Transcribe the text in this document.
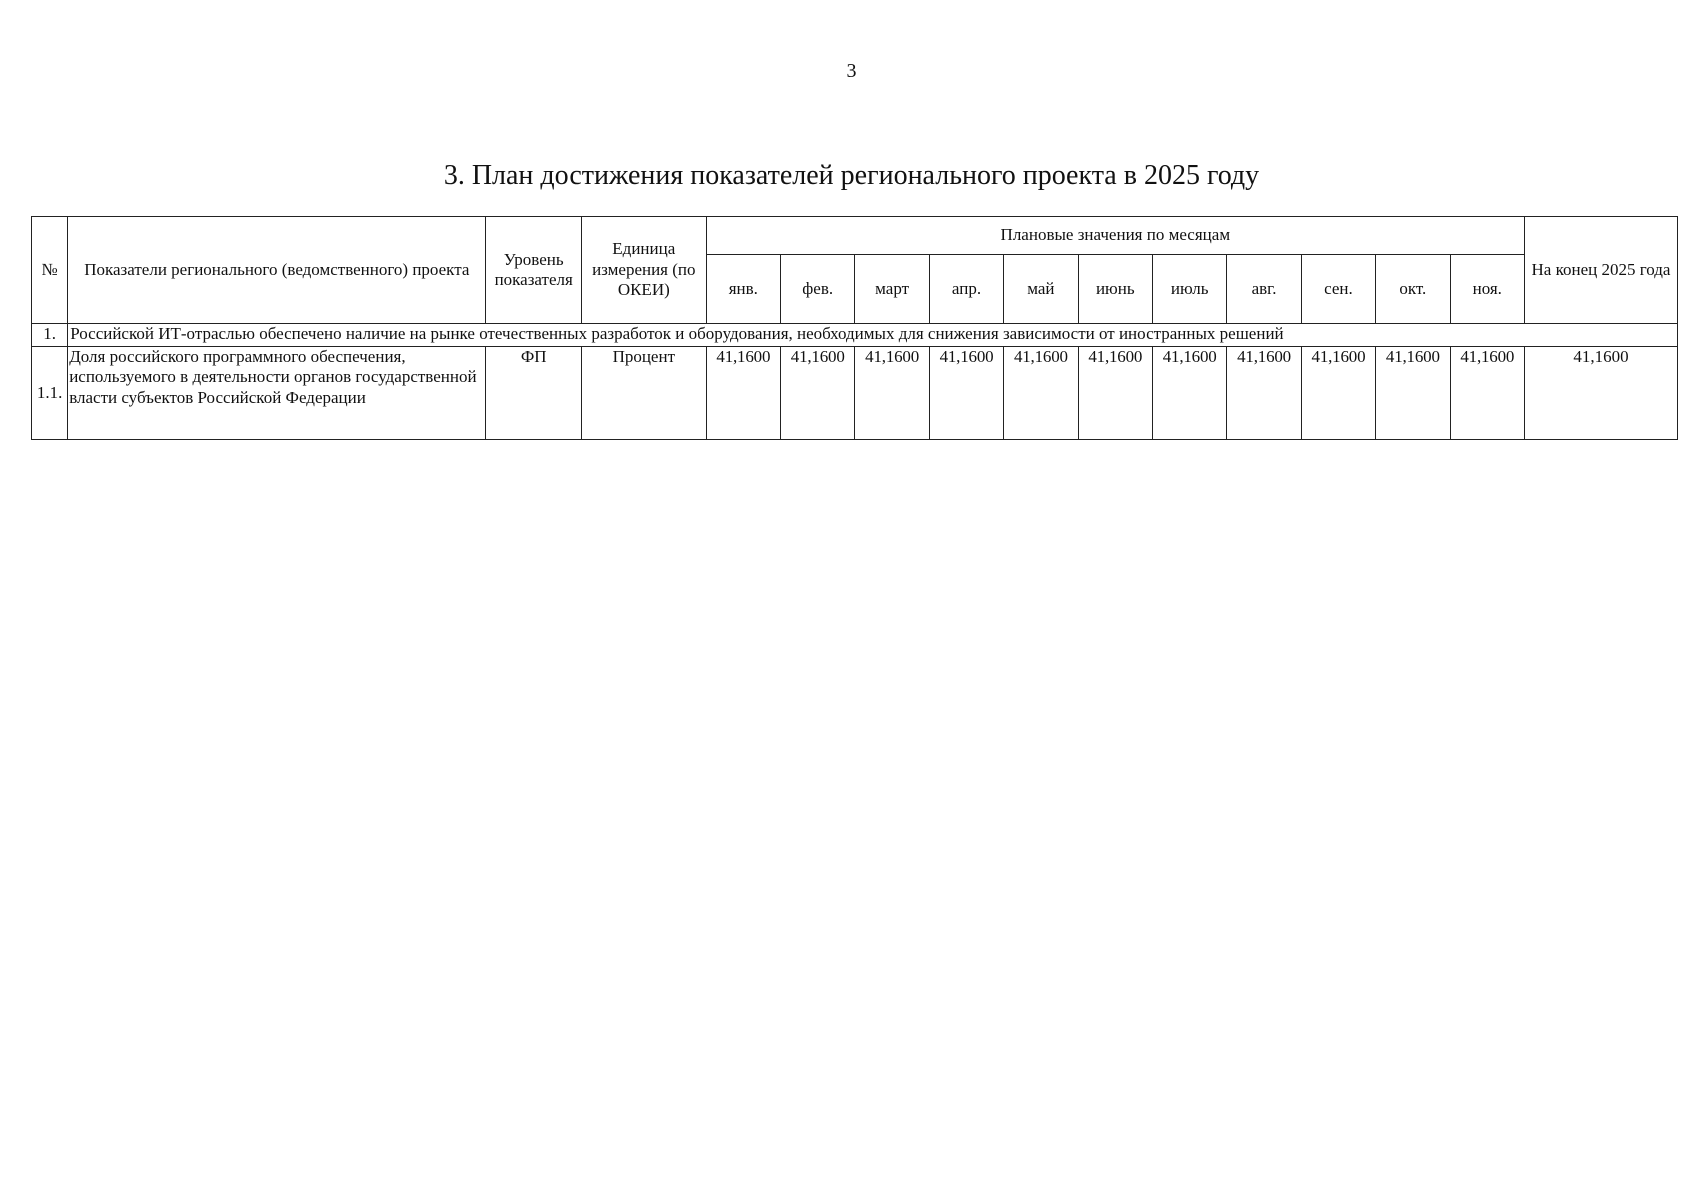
3
3. План достижения показателей регионального проекта в 2025 году
№	Показатели регионального (ведомственного) проекта	Уровень показателя	Единица измерения (по ОКЕИ)	Плановые значения по месяцам											На конец 2025 года
				янв.	фев.	март	апр.	май	июнь	июль	авг.	сен.	окт.	ноя.	
1.	Российской ИТ-отраслью обеспечено наличие на рынке отечественных разработок и оборудования, необходимых для снижения зависимости от иностранных решений														
1.1.	Доля российского программного обеспечения, используемого в деятельности органов государственной власти субъектов Российской Федерации	ФП	Процент	41,1600	41,1600	41,1600	41,1600	41,1600	41,1600	41,1600	41,1600	41,1600	41,1600	41,1600	41,1600
